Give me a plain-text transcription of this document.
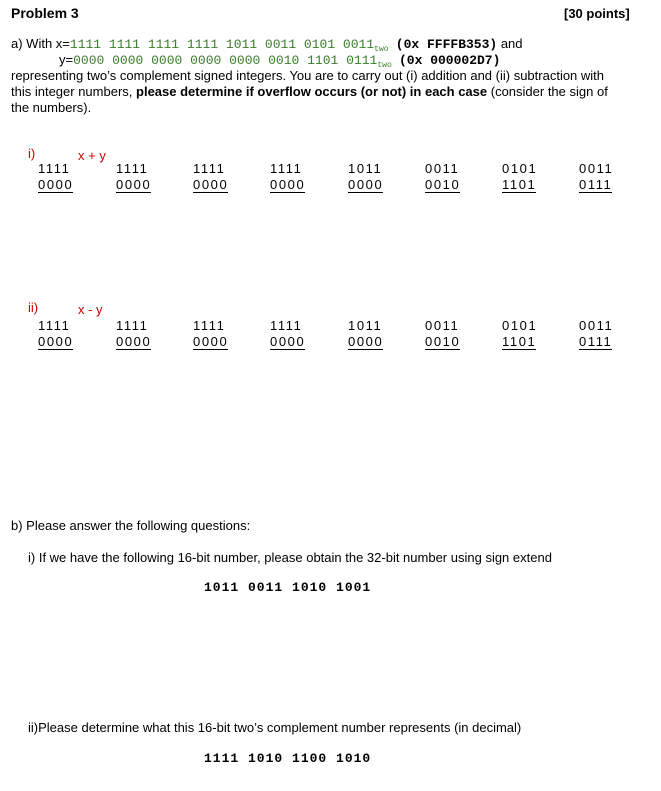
Problem 3	[30 points]
a) With x=1111 1111 1111 1111 1011 0011 0101 $0011_{two}$ (0x FFFFB353) and
y=0000 0000 0000 0000 0000 0010 1101 $0111_{two}$ (0x 000002D7)
representing two’s complement signed integers. You are to carry out (i) addition and (ii) subtraction with
this integer numbers, please determine if overflow occurs (or not) in each case (consider the sign of
the numbers).
i)	x + y
1111	1111	1111	1111	1011	0011	0101	0011
0000	0000	0000	0000	0000	0010	1101	0111
ii)	x - y
1111	1111	1111	1111	1011	0011	0101	0011
0000	0000	0000	0000	0000	0010	1101	0111
b) Please answer the following questions:
i) If we have the following 16-bit number, please obtain the 32-bit number using sign extend
1011 0011 1010 1001
ii)Please determine what this 16-bit two’s complement number represents (in decimal)
1111 1010 1100 1010
